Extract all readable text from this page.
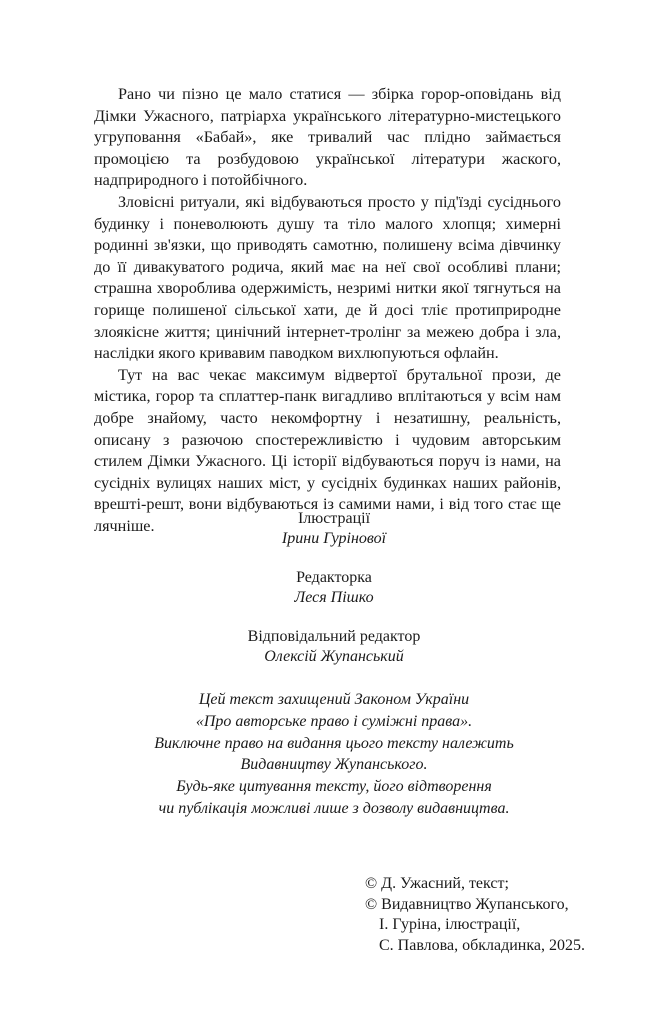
Рано чи пізно це мало статися — збірка горор-оповідань від Дімки Ужасного, патріарха українського літературно-мистецького угруповання «Бабай», яке тривалий час плідно займається промоцією та розбудовою української літератури жаского, надприродного і потойбічного.

Зловісні ритуали, які відбуваються просто у під'їзді сусіднього будинку і поневолюють душу та тіло малого хлопця; химерні родинні зв'язки, що приводять самотню, полишену всіма дівчинку до її дивакуватого родича, який має на неї свої особливі плани; страшна хвороблива одержимість, незримі нитки якої тягнуться на горище полишеної сільської хати, де й досі тліє протиприродне злоякісне життя; цинічний інтернет-тролінг за межею добра і зла, наслідки якого кривавим паводком вихлюпуються офлайн.

Тут на вас чекає максимум відвертої брутальної прози, де містика, горор та сплаттер-панк вигадливо вплітаються у всім нам добре знайому, часто некомфортну і незатишну, реальність, описану з разючою спостережливістю і чудовим авторським стилем Дімки Ужасного. Ці історії відбуваються поруч із нами, на сусідніх вулицях наших міст, у сусідніх будинках наших районів, врешті-решт, вони відбуваються із самими нами, і від того стає ще лячніше.	Ілюстрації
Ірини Гурінової
Редакторка
Леся Пішко
Відповідальний редактор
Олексій Жупанський
Цей текст захищений Законом України
«Про авторське право і суміжні права».
Виключне право на видання цього тексту належить
Видавництву Жупанського.
Будь-яке цитування тексту, його відтворення
чи публікація можливі лише з дозволу видавництва.
© Д. Ужасний, текст;
© Видавництво Жупанського,
І. Гуріна, ілюстрації,
С. Павлова, обкладинка, 2025.
